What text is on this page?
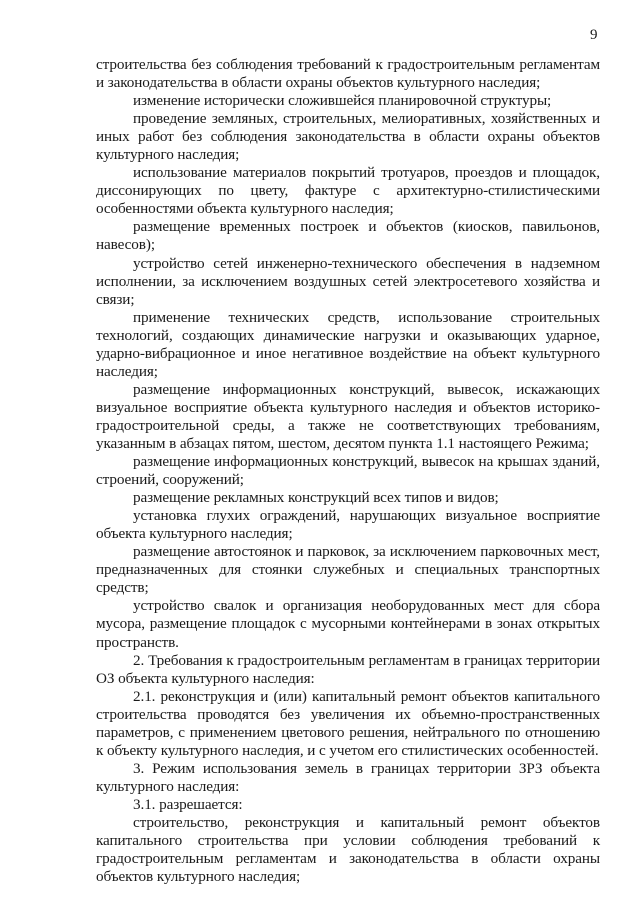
9

строительства без соблюдения требований к градостроительным регламентам и законодательства в области охраны объектов культурного наследия;

изменение исторически сложившейся планировочной структуры;

проведение земляных, строительных, мелиоративных, хозяйственных и иных работ без соблюдения законодательства в области охраны объектов культурного наследия;

использование материалов покрытий тротуаров, проездов и площадок, диссонирующих по цвету, фактуре с архитектурно-стилистическими особенностями объекта культурного наследия;

размещение временных построек и объектов (киосков, павильонов, навесов);

устройство сетей инженерно-технического обеспечения в надземном исполнении, за исключением воздушных сетей электросетевого хозяйства и связи;

применение технических средств, использование строительных технологий, создающих динамические нагрузки и оказывающих ударное, ударно-вибрационное и иное негативное воздействие на объект культурного наследия;

размещение информационных конструкций, вывесок, искажающих визуальное восприятие объекта культурного наследия и объектов историко-градостроительной среды, а также не соответствующих требованиям, указанным в абзацах пятом, шестом, десятом пункта 1.1 настоящего Режима;

размещение информационных конструкций, вывесок на крышах зданий, строений, сооружений;

размещение рекламных конструкций всех типов и видов;

установка глухих ограждений, нарушающих визуальное восприятие объекта культурного наследия;

размещение автостоянок и парковок, за исключением парковочных мест, предназначенных для стоянки служебных и специальных транспортных средств;

устройство свалок и организация необорудованных мест для сбора мусора, размещение площадок с мусорными контейнерами в зонах открытых пространств.

2. Требования к градостроительным регламентам в границах территории ОЗ объекта культурного наследия:

2.1. реконструкция и (или) капитальный ремонт объектов капитального строительства проводятся без увеличения их объемно-пространственных параметров, с применением цветового решения, нейтрального по отношению к объекту культурного наследия, и с учетом его стилистических особенностей.

3. Режим использования земель в границах территории ЗРЗ объекта культурного наследия:

3.1. разрешается:

строительство, реконструкция и капитальный ремонт объектов капитального строительства при условии соблюдения требований к градостроительным регламентам и законодательства в области охраны объектов культурного наследия;
